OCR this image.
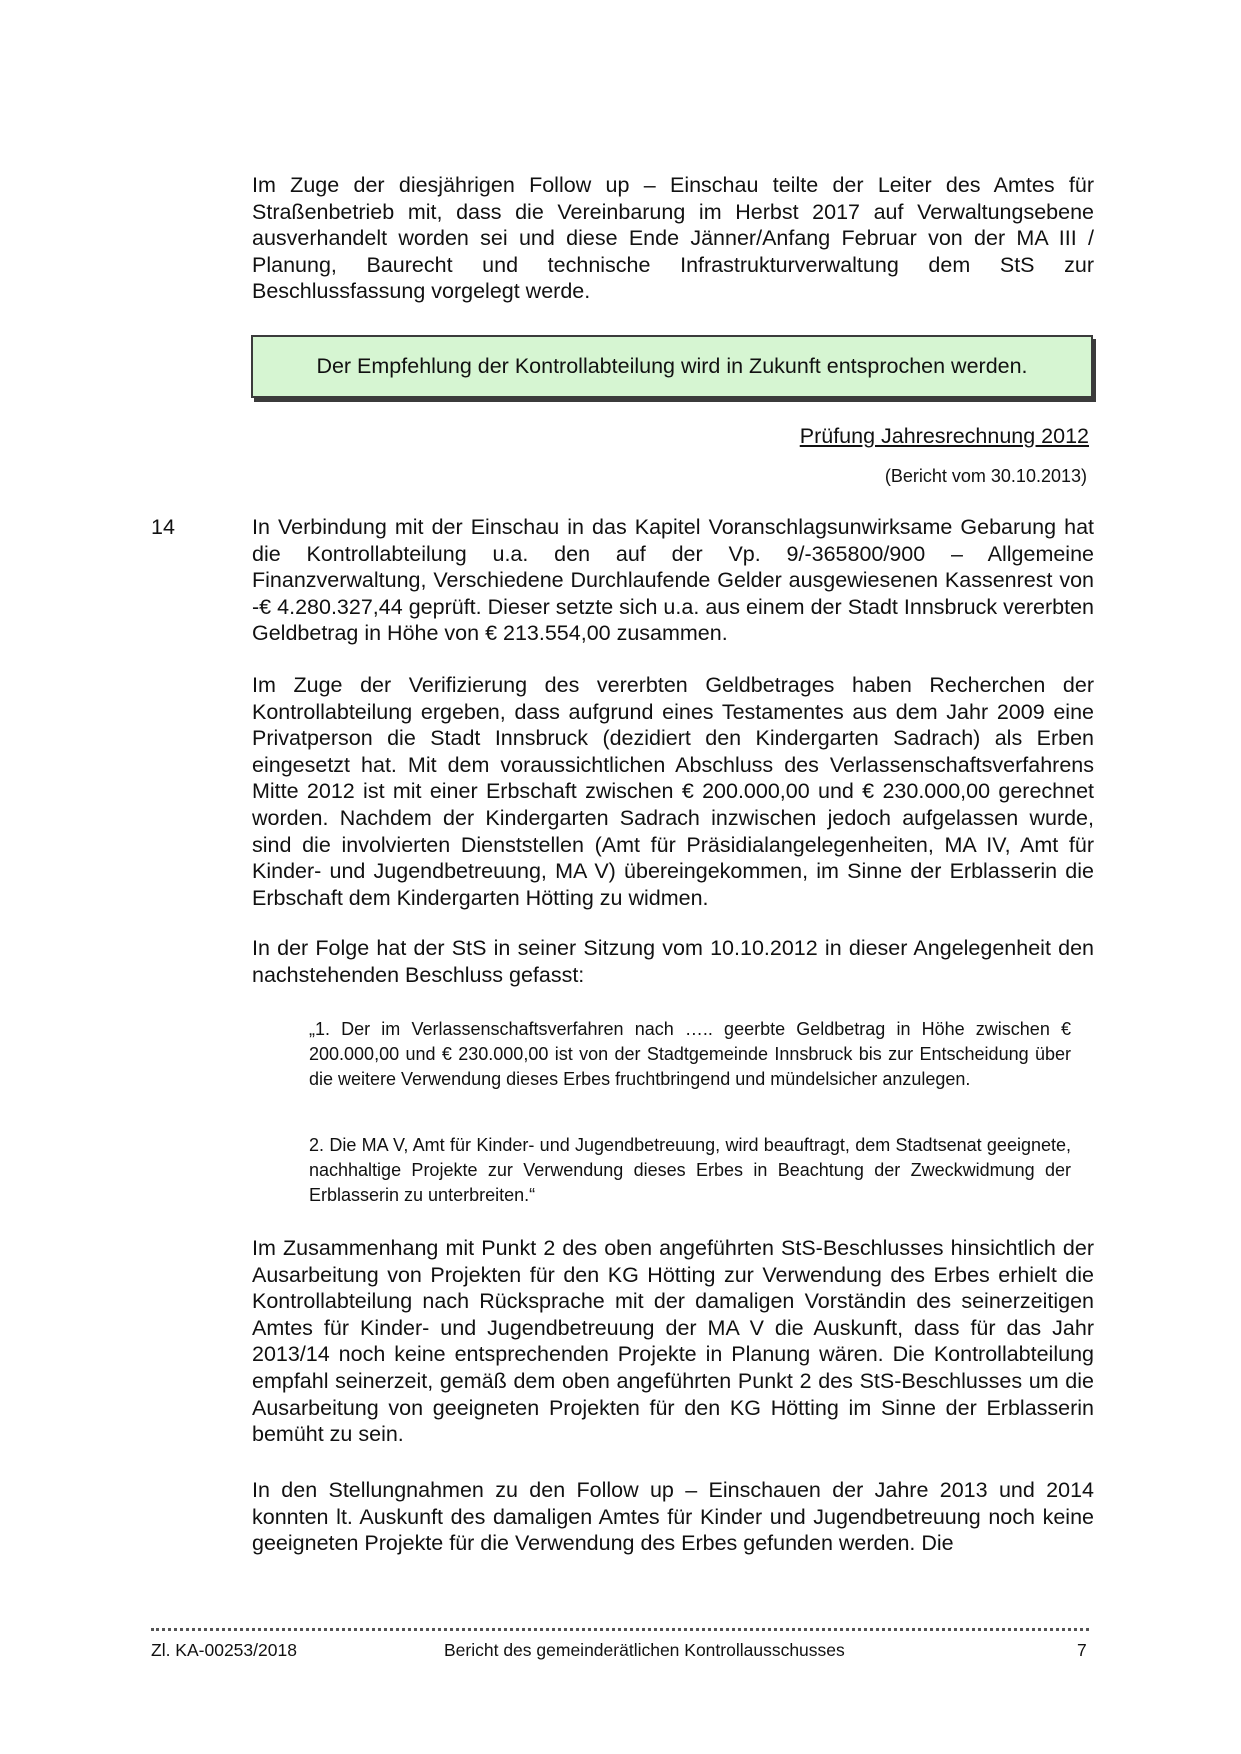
Im Zuge der diesjährigen Follow up – Einschau teilte der Leiter des Amtes für Straßenbetrieb mit, dass die Vereinbarung im Herbst 2017 auf Verwaltungsebene ausverhandelt worden sei und diese Ende Jänner/Anfang Februar von der MA III / Planung, Baurecht und technische Infrastrukturverwaltung dem StS zur Beschlussfassung vorgelegt werde.

Der Empfehlung der Kontrollabteilung wird in Zukunft entsprochen werden.
Prüfung Jahresrechnung 2012
(Bericht vom 30.10.2013)
14	In Verbindung mit der Einschau in das Kapitel Voranschlagsunwirksame Gebarung hat die Kontrollabteilung u.a. den auf der Vp. 9/-365800/900 – Allgemeine Finanzverwaltung, Verschiedene Durchlaufende Gelder ausgewiesenen Kassenrest von -€ 4.280.327,44 geprüft. Dieser setzte sich u.a. aus einem der Stadt Innsbruck vererbten Geldbetrag in Höhe von € 213.554,00 zusammen.

Im Zuge der Verifizierung des vererbten Geldbetrages haben Recherchen der Kontrollabteilung ergeben, dass aufgrund eines Testamentes aus dem Jahr 2009 eine Privatperson die Stadt Innsbruck (dezidiert den Kindergarten Sadrach) als Erben eingesetzt hat. Mit dem voraussichtlichen Abschluss des Verlassenschaftsverfahrens Mitte 2012 ist mit einer Erbschaft zwischen € 200.000,00 und € 230.000,00 gerechnet worden. Nachdem der Kindergarten Sadrach inzwischen jedoch aufgelassen wurde, sind die involvierten Dienststellen (Amt für Präsidialangelegenheiten, MA IV, Amt für Kinder- und Jugendbetreuung, MA V) übereingekommen, im Sinne der Erblasserin die Erbschaft dem Kindergarten Hötting zu widmen.

In der Folge hat der StS in seiner Sitzung vom 10.10.2012 in dieser Angelegenheit den nachstehenden Beschluss gefasst:

„1. Der im Verlassenschaftsverfahren nach ….. geerbte Geldbetrag in Höhe zwischen € 200.000,00 und € 230.000,00 ist von der Stadtgemeinde Innsbruck bis zur Entscheidung über die weitere Verwendung dieses Erbes fruchtbringend und mündelsicher anzulegen.

2. Die MA V, Amt für Kinder- und Jugendbetreuung, wird beauftragt, dem Stadtsenat geeignete, nachhaltige Projekte zur Verwendung dieses Erbes in Beachtung der Zweckwidmung der Erblasserin zu unterbreiten.“

Im Zusammenhang mit Punkt 2 des oben angeführten StS-Beschlusses hinsichtlich der Ausarbeitung von Projekten für den KG Hötting zur Verwendung des Erbes erhielt die Kontrollabteilung nach Rücksprache mit der damaligen Vorständin des seinerzeitigen Amtes für Kinder- und Jugendbetreuung der MA V die Auskunft, dass für das Jahr 2013/14 noch keine entsprechenden Projekte in Planung wären. Die Kontrollabteilung empfahl seinerzeit, gemäß dem oben angeführten Punkt 2 des StS-Beschlusses um die Ausarbeitung von geeigneten Projekten für den KG Hötting im Sinne der Erblasserin bemüht zu sein.

In den Stellungnahmen zu den Follow up – Einschauen der Jahre 2013 und 2014 konnten lt. Auskunft des damaligen Amtes für Kinder und Jugendbetreuung noch keine geeigneten Projekte für die Verwendung des Erbes gefunden werden. Die

Zl. KA-00253/2018	Bericht des gemeinderätlichen Kontrollausschusses	7
